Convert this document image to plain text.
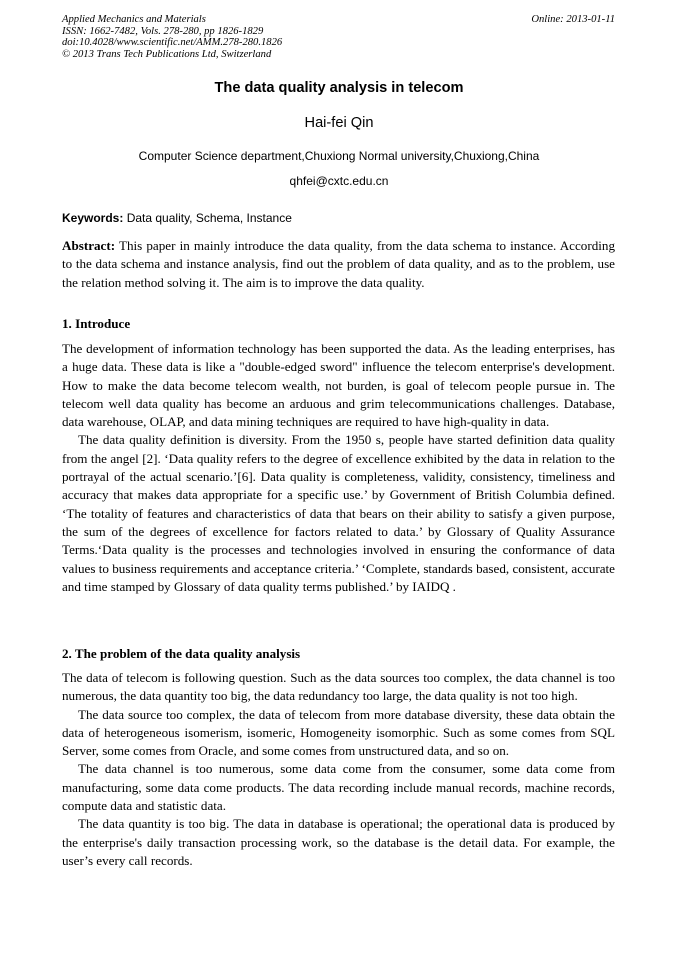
Applied Mechanics and Materials
ISSN: 1662-7482, Vols. 278-280, pp 1826-1829
doi:10.4028/www.scientific.net/AMM.278-280.1826
© 2013 Trans Tech Publications Ltd, Switzerland
Online: 2013-01-11
The data quality analysis in telecom
Hai-fei Qin
Computer Science department,Chuxiong Normal university,Chuxiong,China
qhfei@cxtc.edu.cn
Keywords: Data quality, Schema, Instance

Abstract: This paper in mainly introduce the data quality, from the data schema to instance. According to the data schema and instance analysis, find out the problem of data quality, and as to the problem, use the relation method solving it. The aim is to improve the data quality.

1. Introduce

The development of information technology has been supported the data. As the leading enterprises, has a huge data. These data is like a "double-edged sword" influence the telecom enterprise's development. How to make the data become telecom wealth, not burden, is goal of telecom people pursue in. The telecom well data quality has become an arduous and grim telecommunications challenges. Database, data warehouse, OLAP, and data mining techniques are required to have high-quality in data.

The data quality definition is diversity. From the 1950 s, people have started definition data quality from the angel [2]. ‘Data quality refers to the degree of excellence exhibited by the data in relation to the portrayal of the actual scenario.’[6]. Data quality is completeness, validity, consistency, timeliness and accuracy that makes data appropriate for a specific use.’ by Government of British Columbia defined. ‘The totality of features and characteristics of data that bears on their ability to satisfy a given purpose, the sum of the degrees of excellence for factors related to data.’ by Glossary of Quality Assurance Terms.‘Data quality is the processes and technologies involved in ensuring the conformance of data values to business requirements and acceptance criteria.’ ‘Complete, standards based, consistent, accurate and time stamped by Glossary of data quality terms published.’ by IAIDQ .

2. The problem of the data quality analysis

The data of telecom is following question. Such as the data sources too complex, the data channel is too numerous, the data quantity too big, the data redundancy too large, the data quality is not too high.

The data source too complex, the data of telecom from more database diversity, these data obtain the data of heterogeneous isomerism, isomeric, Homogeneity isomorphic. Such as some comes from SQL Server, some comes from Oracle, and some comes from unstructured data, and so on.

The data channel is too numerous, some data come from the consumer, some data come from manufacturing, some data come products. The data recording include manual records, machine records, compute data and statistic data.

The data quantity is too big. The data in database is operational; the operational data is produced by the enterprise's daily transaction processing work, so the database is the detail data. For example, the user’s every call records.
